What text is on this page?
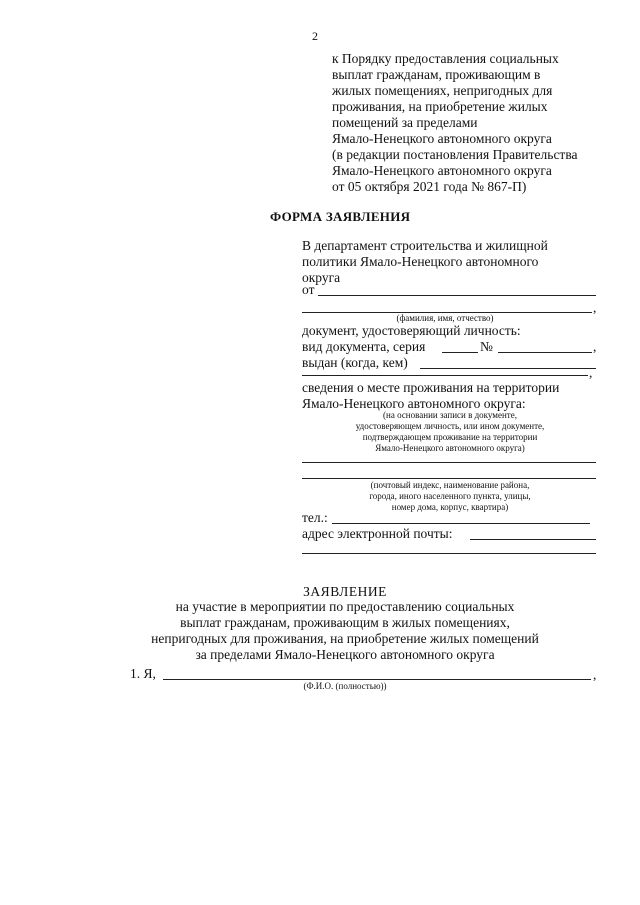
2
к Порядку предоставления социальных
выплат гражданам, проживающим в
жилых помещениях, непригодных для
проживания, на приобретение жилых
помещений за пределами
Ямало-Ненецкого автономного округа
(в редакции постановления Правительства
Ямало-Ненецкого автономного округа
от 05 октября 2021 года № 867-П)
ФОРМА ЗАЯВЛЕНИЯ
В департамент строительства и жилищной
политики Ямало-Ненецкого автономного
округа
от
,
(фамилия, имя, отчество)
документ, удостоверяющий личность:
вид документа, серия	№	,
выдан (когда, кем)
,
сведения о месте проживания на территории
Ямало-Ненецкого автономного округа:
(на основании записи в документе,
удостоверяющем личность, или ином документе,
подтверждающем проживание на территории
Ямало-Ненецкого автономного округа)
(почтовый индекс, наименование района,
города, иного населенного пункта, улицы,
номер дома, корпус, квартира)
тел.:
адрес электронной почты:
ЗАЯВЛЕНИЕ
на участие в мероприятии по предоставлению социальных
выплат гражданам, проживающим в жилых помещениях,
непригодных для проживания, на приобретение жилых помещений
за пределами Ямало-Ненецкого автономного округа
1. Я,	,
(Ф.И.О. (полностью))
